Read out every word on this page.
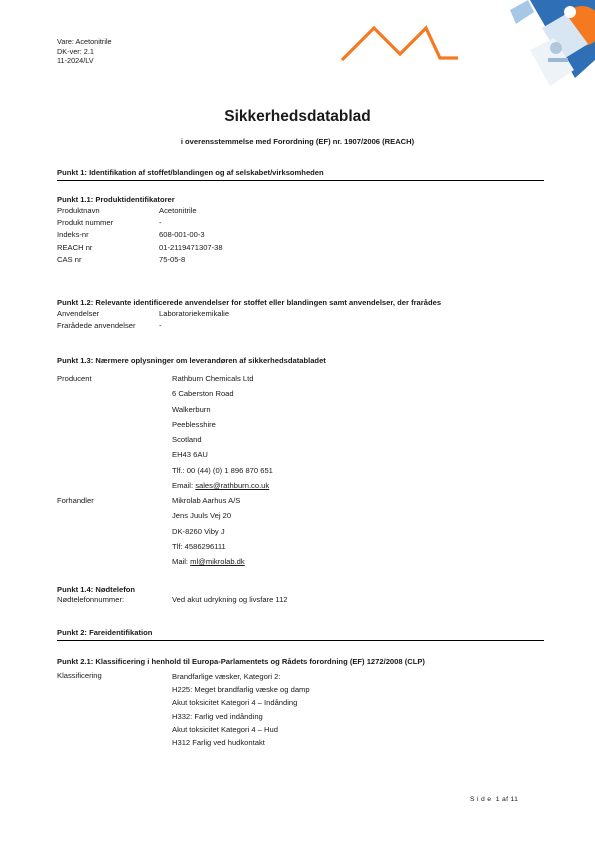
Vare: Acetonitrile
DK-ver: 2.1
11-2024/LV
Sikkerhedsdatablad
i overensstemmelse med Forordning (EF) nr. 1907/2006 (REACH)
Punkt 1: Identifikation af stoffet/blandingen og af selskabet/virksomheden
Punkt 1.1: Produktidentifikatorer
Produktnavn	Acetonitrile
Produkt nummer	-
Indeks-nr	608-001-00-3
REACH nr	01-2119471307-38
CAS nr	75-05-8
Punkt 1.2: Relevante identificerede anvendelser for stoffet eller blandingen samt anvendelser, der frarådes
Anvendelser	Laboratoriekemikalie
Frarådede anvendelser	-
Punkt 1.3: Nærmere oplysninger om leverandøren af sikkerhedsdatabladet
Producent	Rathburn Chemicals Ltd
6 Caberston Road
Walkerburn
Peeblesshire
Scotland
EH43 6AU
Tlf.: 00 (44) (0) 1 896 870 651
Email: sales@rathburn.co.uk
Forhandler	Mikrolab Aarhus A/S
Jens Juuls Vej 20
DK-8260 Viby J
Tlf: 4586296111
Mail: ml@mikrolab.dk
Punkt 1.4: Nødtelefon
Nødtelefonnummer:	Ved akut udrykning og livsfare 112
Punkt 2: Fareidentifikation
Punkt 2.1: Klassificering i henhold til Europa-Parlamentets og Rådets forordning (EF) 1272/2008 (CLP)
Klassificering	Brandfarlige væsker, Kategori 2:
H225: Meget brandfarlig væske og damp
Akut toksicitet Kategori 4 – Indånding
H332: Farlig ved indånding
Akut toksicitet Kategori 4 – Hud
H312 Farlig ved hudkontakt
S i d e 1 af 11
